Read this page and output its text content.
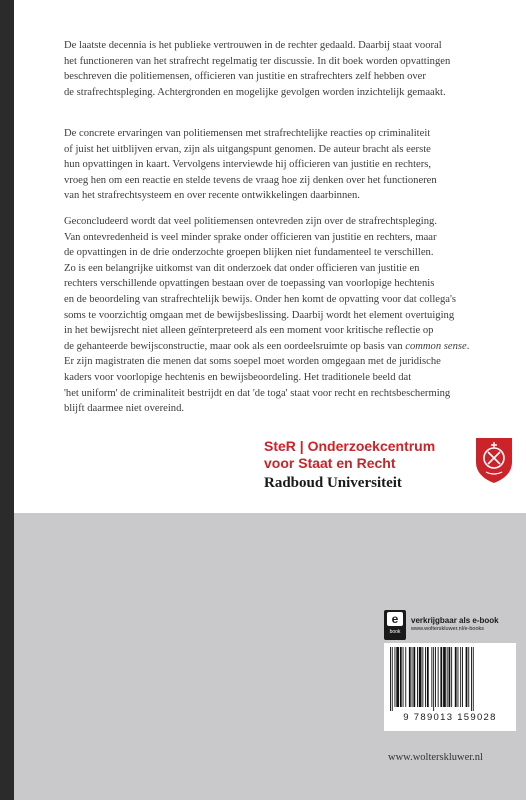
De laatste decennia is het publieke vertrouwen in de rechter gedaald. Daarbij staat vooral
het functioneren van het strafrecht regelmatig ter discussie. In dit boek worden opvattingen
beschreven die politiemensen, officieren van justitie en strafrechters zelf hebben over
de strafrechtspleging. Achtergronden en mogelijke gevolgen worden inzichtelijk gemaakt.
De concrete ervaringen van politiemensen met strafrechtelijke reacties op criminaliteit
of juist het uitblijven ervan, zijn als uitgangspunt genomen. De auteur bracht als eerste
hun opvattingen in kaart. Vervolgens interviewde hij officieren van justitie en rechters,
vroeg hen om een reactie en stelde tevens de vraag hoe zij denken over het functioneren
van het strafrechtsysteem en over recente ontwikkelingen daarbinnen.
Geconcludeerd wordt dat veel politiemensen ontevreden zijn over de strafrechtspleging.
Van ontevredenheid is veel minder sprake onder officieren van justitie en rechters, maar
de opvattingen in de drie onderzochte groepen blijken niet fundamenteel te verschillen.
Zo is een belangrijke uitkomst van dit onderzoek dat onder officieren van justitie en
rechters verschillende opvattingen bestaan over de toepassing van voorlopige hechtenis
en de beoordeling van strafrechtelijk bewijs. Onder hen komt de opvatting voor dat collega's
soms te voorzichtig omgaan met de bewijsbeslissing. Daarbij wordt het element overtuiging
in het bewijsrecht niet alleen geïnterpreteerd als een moment voor kritische reflectie op
de gehanteerde bewijsconstructie, maar ook als een oordeelsruimte op basis van common sense.
Er zijn magistraten die menen dat soms soepel moet worden omgegaan met de juridische
kaders voor voorlopige hechtenis en bewijsbeoordeling. Het traditionele beeld dat
'het uniform' de criminaliteit bestrijdt en dat 'de toga' staat voor recht en rechtsbescherming
blijft daarmee niet overeind.
SteR | Onderzoekcentrum
voor Staat en Recht
Radboud Universiteit
e
book
verkrijgbaar als e-book
www.wolterskluwer.nl/e-books
9 789013 159028
www.wolterskluwer.nl
